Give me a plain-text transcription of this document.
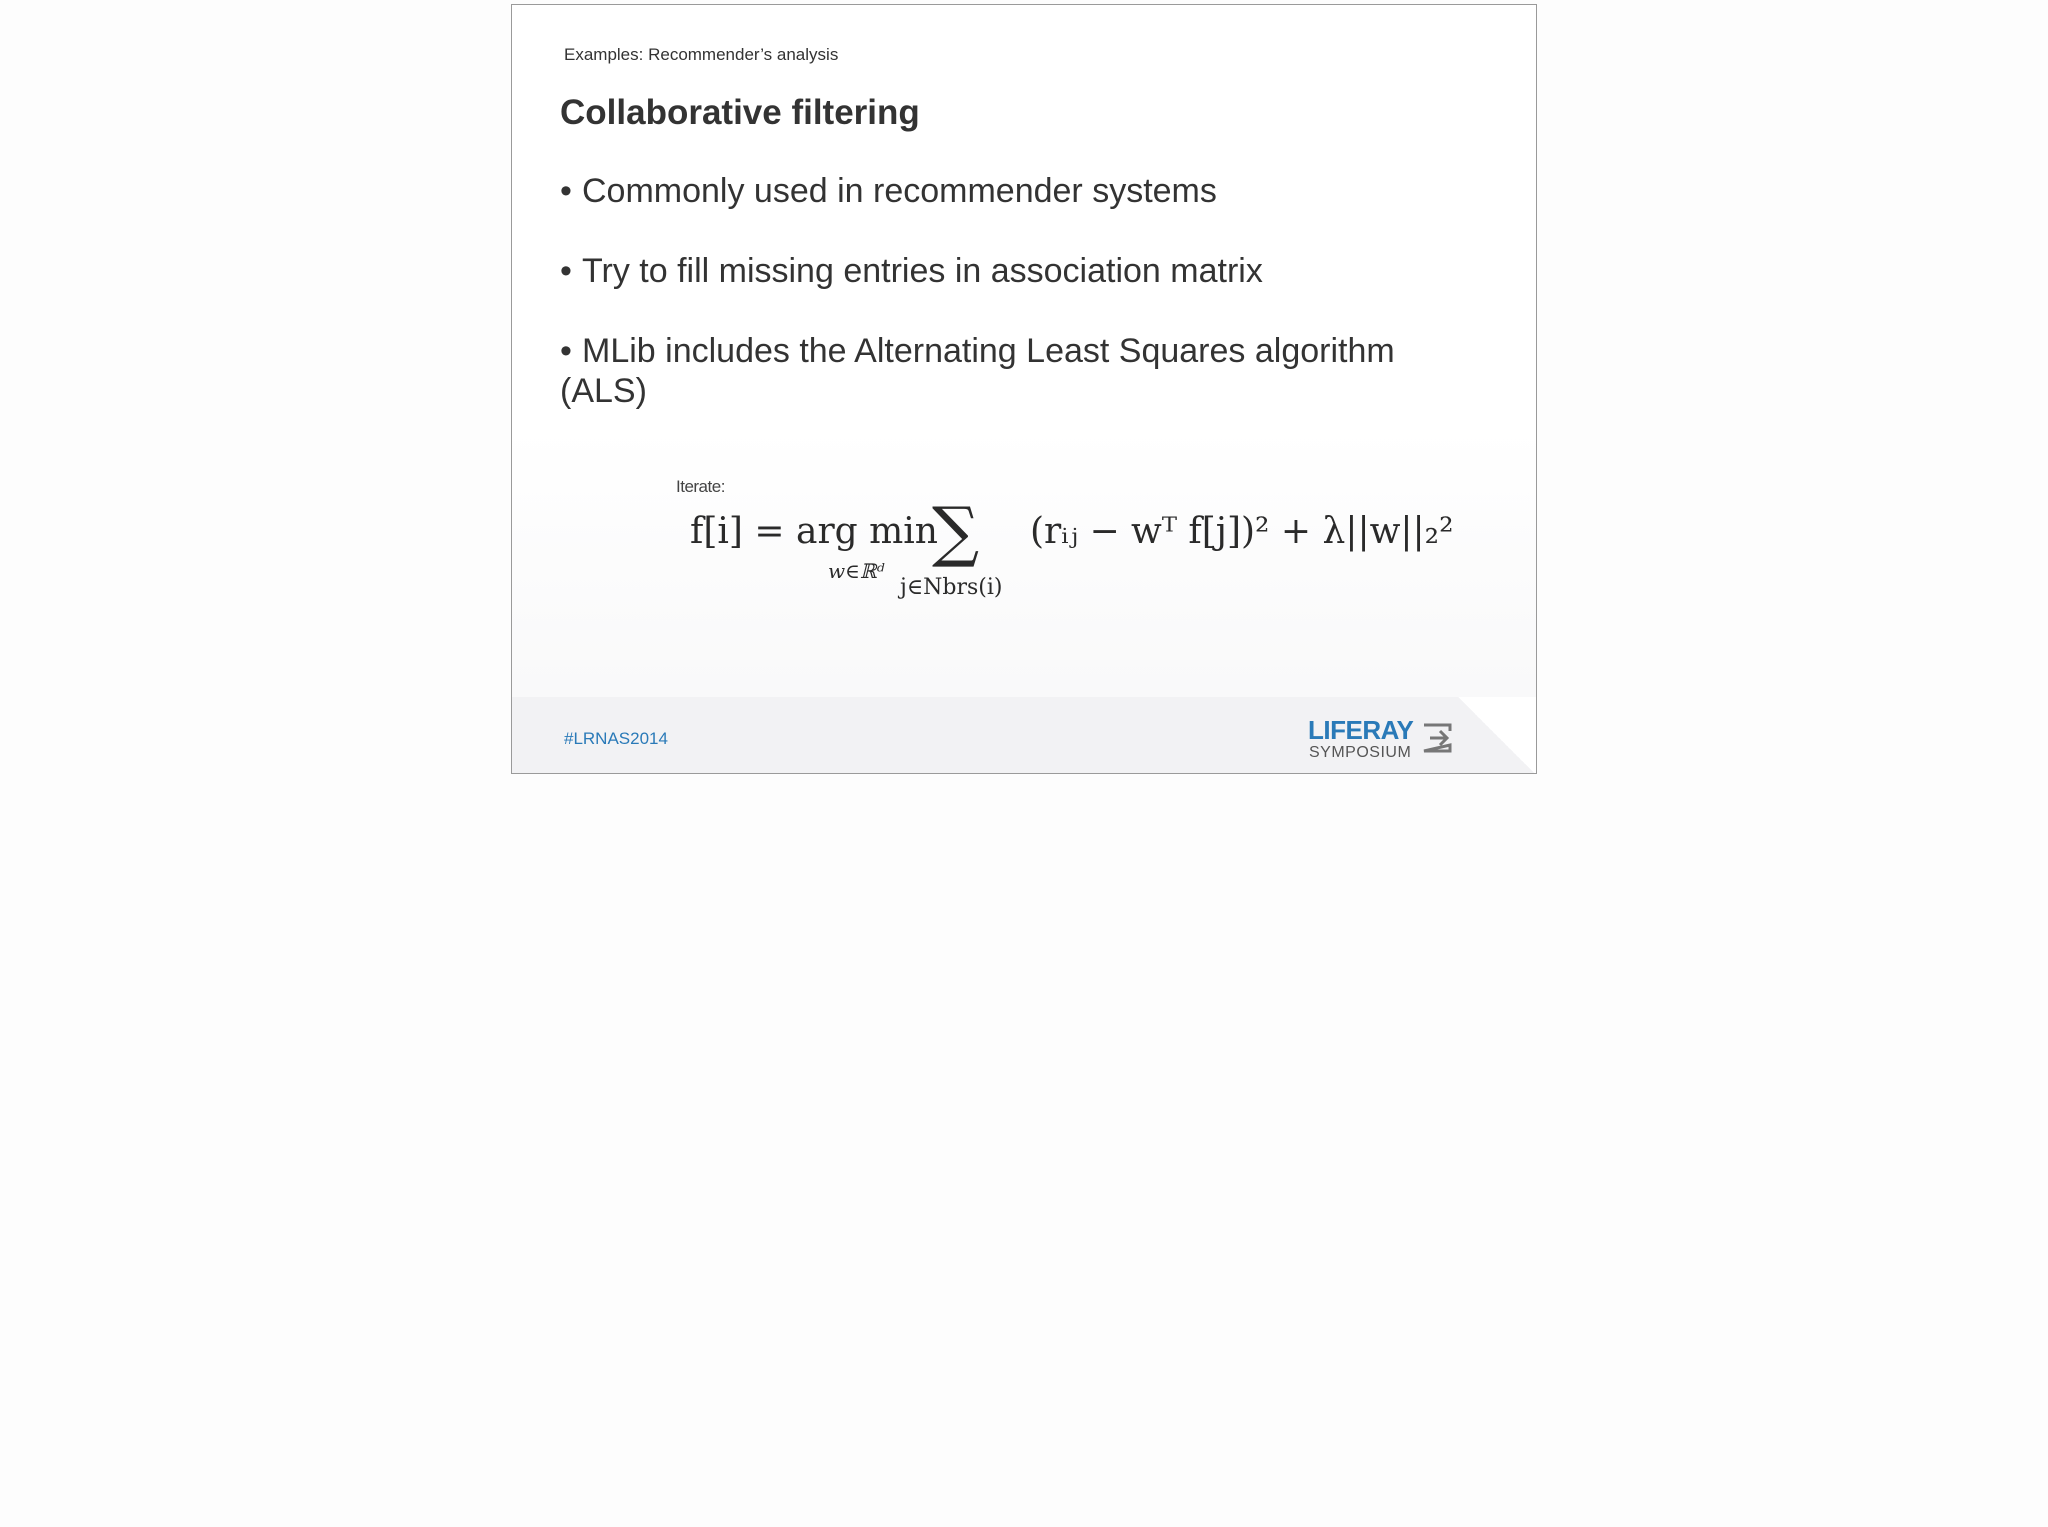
Examples: Recommender’s analysis
Collaborative filtering
• Commonly used in recommender systems
• Try to fill missing entries in association matrix
• MLib includes the Alternating Least Squares algorithm (ALS)
Iterate:
f[i] = arg min
w∈ℝᵈ
∑
j∈Nbrs(i)
(rᵢⱼ − wᵀ f[j])² + λ||w||₂²
#LRNAS2014	LIFERAY
SYMPOSIUM
